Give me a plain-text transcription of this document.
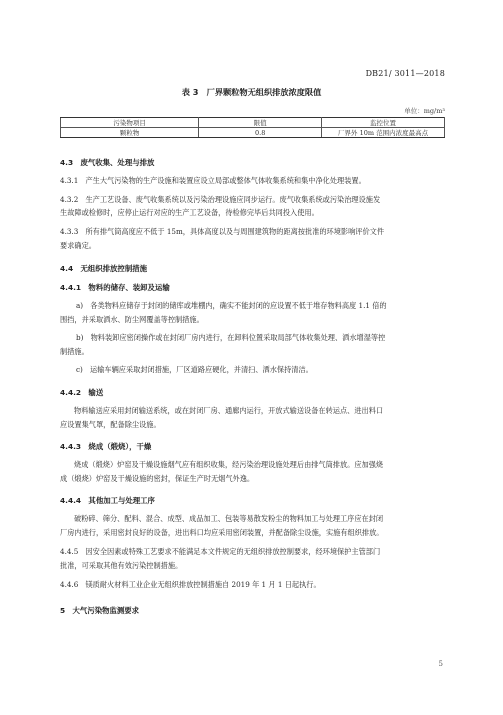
DB21/ 3011—2018
表 3　厂界颗粒物无组织排放浓度限值
单位：mg/m³
污染物项目	限值	监控位置
颗粒物	0.8	厂界外 10m 范围内浓度最高点
4.3　废气收集、处理与排放
4.3.1　产生大气污染物的生产设施和装置应设立局部或整体气体收集系统和集中净化处理装置。
4.3.2　生产工艺设备、废气收集系统以及污染治理设施应同步运行。废气收集系统或污染治理设施发
生故障或检修时，应停止运行对应的生产工艺设备，待检修完毕后共同投入使用。
4.3.3　所有排气筒高度应不低于 15m，具体高度以及与周围建筑物的距离按批准的环境影响评价文件
要求确定。
4.4　无组织排放控制措施
4.4.1　物料的储存、装卸及运输
a)　各类物料应储存于封闭的储库或堆棚内，确实不能封闭的应设置不低于堆存物料高度 1.1 倍的
围挡，并采取洒水、防尘网覆盖等控制措施。
b)　物料装卸应密闭操作或在封闭厂房内进行，在卸料位置采取局部气体收集处理、洒水增湿等控
制措施。
c)　运输车辆应采取封闭措施，厂区道路应硬化，并清扫、洒水保持清洁。
4.4.2　输送
物料输送应采用封闭输送系统，或在封闭厂房、通廊内运行，开放式输送设备在转运点、进出料口
应设置集气罩，配备除尘设施。
4.4.3　烧成（煅烧），干燥
烧成（煅烧）炉窑及干燥设施烟气应有组织收集，经污染治理设施处理后由排气筒排放。应加强烧
成（煅烧）炉窑及干燥设施的密封，保证生产时无烟气外逸。
4.4.4　其他加工与处理工序
破粉碎、筛分、配料、混合、成型、成品加工、包装等易散发粉尘的物料加工与处理工序应在封闭
厂房内进行，采用密封良好的设备，进出料口均应采用密闭装置，并配备除尘设施，实施有组织排放。
4.4.5　因安全因素或特殊工艺要求不能满足本文件规定的无组织排放控制要求，经环境保护主管部门
批准，可采取其他有效污染控制措施。
4.4.6　镁质耐火材料工业企业无组织排放控制措施自 2019 年 1 月 1 日起执行。
5　大气污染物监测要求
5
